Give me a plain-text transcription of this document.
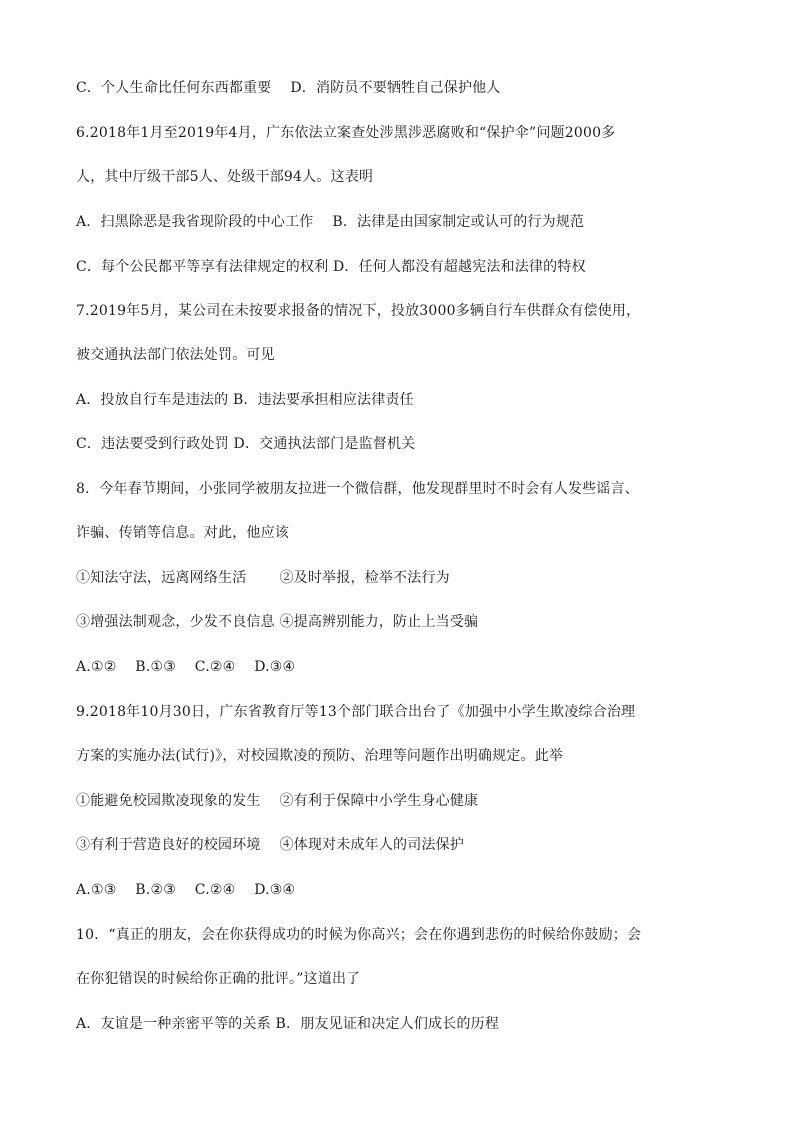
C．个人生命比任何东西都重要　 D．消防员不要牺牲自己保护他人
6.2018年1月至2019年4月，广东依法立案查处涉黑涉恶腐败和“保护伞”问题2000多
人，其中厅级干部5人、处级干部94人。这表明
A．扫黑除恶是我省现阶段的中心工作　 B．法律是由国家制定或认可的行为规范
C．每个公民都平等享有法律规定的权利 D．任何人都没有超越宪法和法律的特权
7.2019年5月，某公司在未按要求报备的情况下，投放3000多辆自行车供群众有偿使用，
被交通执法部门依法处罚。可见
A．投放自行车是违法的 B．违法要承担相应法律责任
C．违法要受到行政处罚 D．交通执法部门是监督机关
8．今年春节期间，小张同学被朋友拉进一个微信群，他发现群里时不时会有人发些谣言、
诈骗、传销等信息。对此，他应该
①知法守法，远离网络生活　　 ②及时举报，检举不法行为
③增强法制观念，少发不良信息 ④提高辨别能力，防止上当受骗
A.①②　 B.①③　 C.②④　 D.③④
9.2018年10月30日，广东省教育厅等13个部门联合出台了《加强中小学生欺凌综合治理
方案的实施办法(试行)》，对校园欺凌的预防、治理等问题作出明确规定。此举
①能避免校园欺凌现象的发生　 ②有利于保障中小学生身心健康
③有利于营造良好的校园环境　 ④体现对未成年人的司法保护
A.①③　 B.②③　 C.②④　 D.③④
10．“真正的朋友，会在你获得成功的时候为你高兴；会在你遇到悲伤的时候给你鼓励；会
在你犯错误的时候给你正确的批评。”这道出了
A．友谊是一种亲密平等的关系 B．朋友见证和决定人们成长的历程
